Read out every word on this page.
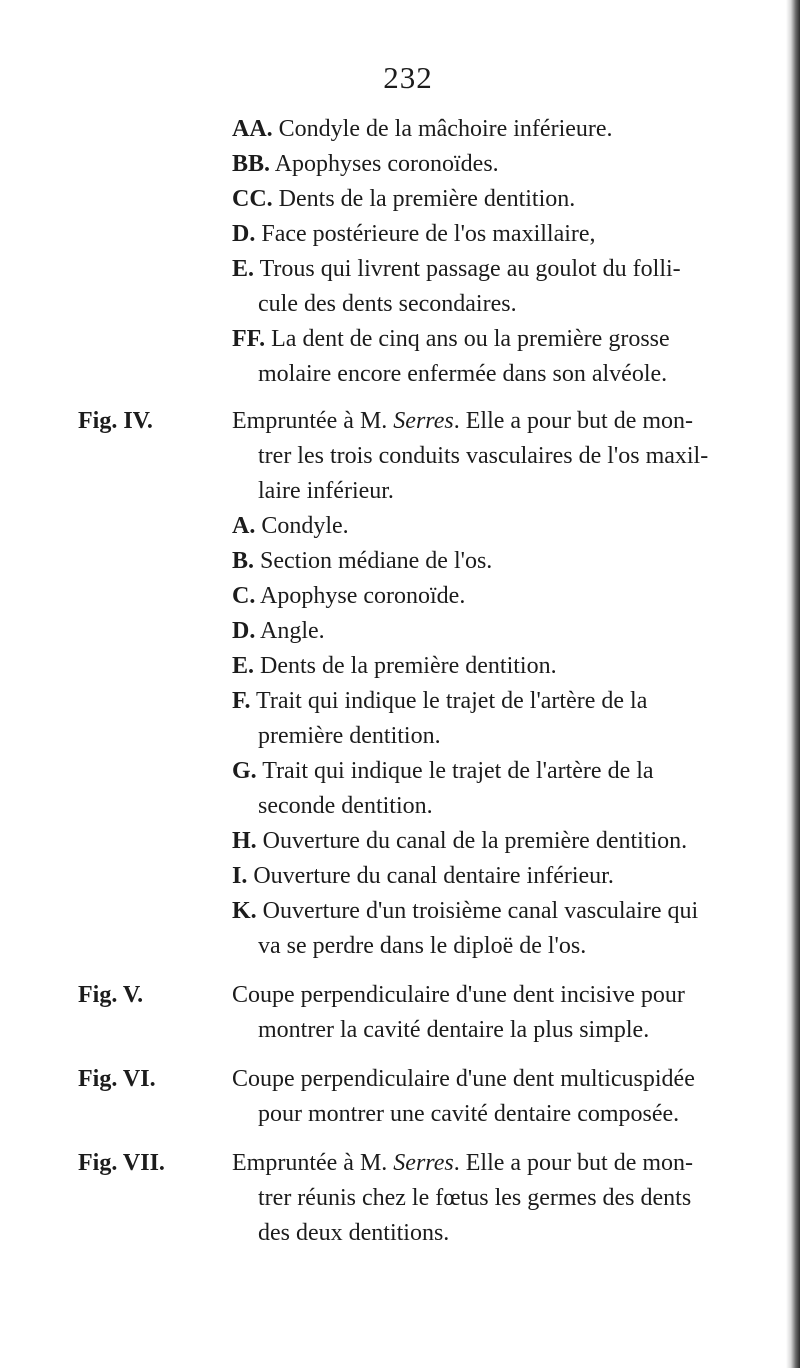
232
AA. Condyle de la mâchoire inférieure.
BB. Apophyses coronoïdes.
CC. Dents de la première dentition.
D. Face postérieure de l'os maxillaire,
E. Trous qui livrent passage au goulot du folli-
cule des dents secondaires.
FF. La dent de cinq ans ou la première grosse
molaire encore enfermée dans son alvéole.
Fig. IV.	Empruntée à M. Serres. Elle a pour but de mon-
trer les trois conduits vasculaires de l'os maxil-
laire inférieur.
A. Condyle.
B. Section médiane de l'os.
C. Apophyse coronoïde.
D. Angle.
E. Dents de la première dentition.
F. Trait qui indique le trajet de l'artère de la
première dentition.
G. Trait qui indique le trajet de l'artère de la
seconde dentition.
H. Ouverture du canal de la première dentition.
I. Ouverture du canal dentaire inférieur.
K. Ouverture d'un troisième canal vasculaire qui
va se perdre dans le diploë de l'os.
Fig. V.	Coupe perpendiculaire d'une dent incisive pour
montrer la cavité dentaire la plus simple.
Fig. VI.	Coupe perpendiculaire d'une dent multicuspidée
pour montrer une cavité dentaire composée.
Fig. VII.	Empruntée à M. Serres. Elle a pour but de mon-
trer réunis chez le fœtus les germes des dents
des deux dentitions.
